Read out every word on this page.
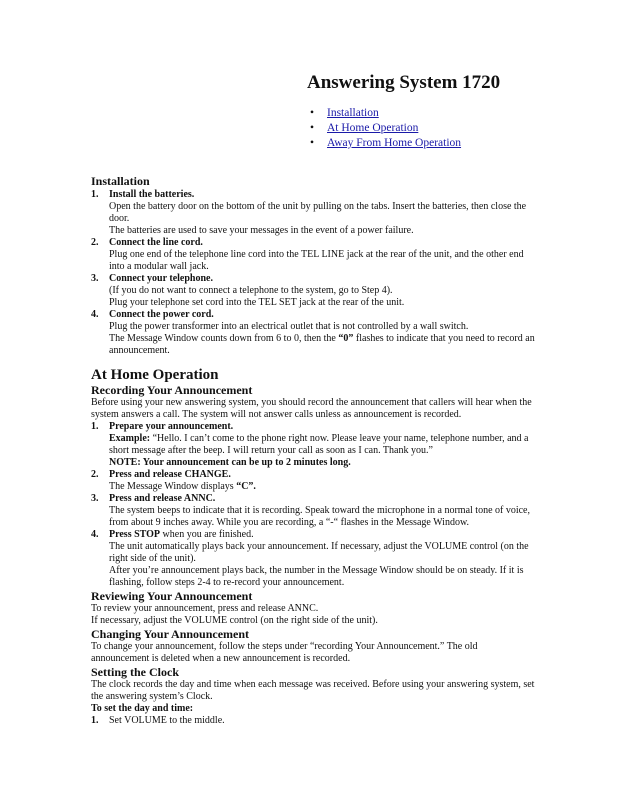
Answering System 1720
• Installation
• At Home Operation
• Away From Home Operation
Installation
1. Install the batteries.

Open the battery door on the bottom of the unit by pulling on the tabs. Insert the batteries, then close the door.

The batteries are used to save your messages in the event of a power failure.

2. Connect the line cord.

Plug one end of the telephone line cord into the TEL LINE jack at the rear of the unit, and the other end into a modular wall jack.

3. Connect your telephone.

(If you do not want to connect a telephone to the system, go to Step 4).

Plug your telephone set cord into the TEL SET jack at the rear of the unit.

4. Connect the power cord.

Plug the power transformer into an electrical outlet that is not controlled by a wall switch.

The Message Window counts down from 6 to 0, then the “0” flashes to indicate that you need to record an announcement.

At Home Operation
Recording Your Announcement

Before using your new answering system, you should record the announcement that callers will hear when the system answers a call. The system will not answer calls unless as announcement is recorded.

1. Prepare your announcement.

Example: “Hello. I can’t come to the phone right now. Please leave your name, telephone number, and a short message after the beep. I will return your call as soon as I can. Thank you.”

NOTE: Your announcement can be up to 2 minutes long.

2. Press and release CHANGE.

The Message Window displays “C”.

3. Press and release ANNC.

The system beeps to indicate that it is recording. Speak toward the microphone in a normal tone of voice, from about 9 inches away. While you are recording, a “-“ flashes in the Message Window.

4. Press STOP when you are finished.

The unit automatically plays back your announcement. If necessary, adjust the VOLUME control (on the right side of the unit).

After you’re announcement plays back, the number in the Message Window should be on steady. If it is flashing, follow steps 2-4 to re-record your announcement.

Reviewing Your Announcement

To review your announcement, press and release ANNC.

If necessary, adjust the VOLUME control (on the right side of the unit).

Changing Your Announcement

To change your announcement, follow the steps under “recording Your Announcement.” The old announcement is deleted when a new announcement is recorded.

Setting the Clock

The clock records the day and time when each message was received. Before using your answering system, set the answering system’s Clock.

To set the day and time:

1. Set VOLUME to the middle.
